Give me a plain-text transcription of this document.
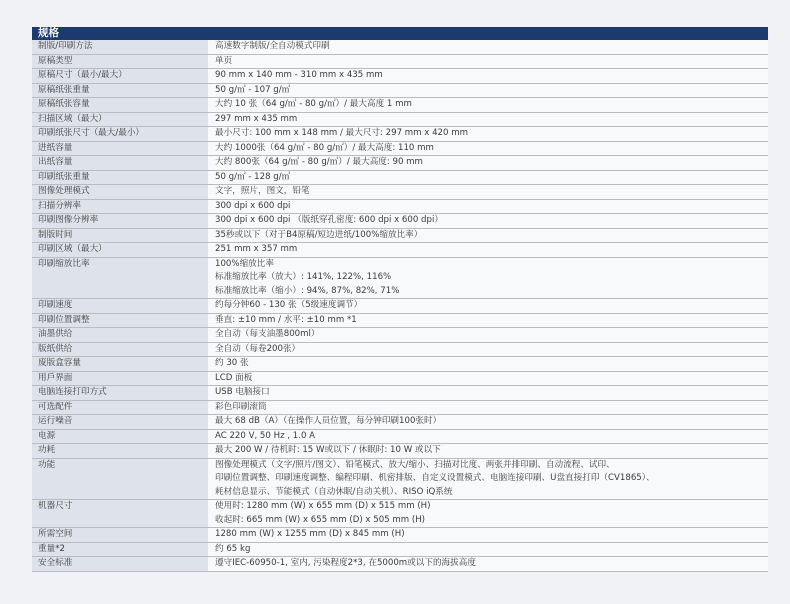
规格
制版/印刷方法	高速数字制版/全自动模式印刷

原稿类型	单页

原稿尺寸（最小/最大）	90 mm x 140 mm - 310 mm x 435 mm

原稿纸张重量	50 g/㎡ - 107 g/㎡

原稿纸张容量	大约 10 张（64 g/㎡ - 80 g/㎡）/ 最大高度 1 mm

扫描区域（最大）	297 mm x 435 mm

印刷纸张尺寸（最大/最小）	最小尺寸: 100 mm x 148 mm / 最大尺寸: 297 mm x 420 mm

进纸容量	大约 1000张（64 g/㎡ - 80 g/㎡）/ 最大高度: 110 mm

出纸容量	大约 800张（64 g/㎡ - 80 g/㎡）/ 最大高度: 90 mm

印刷纸张重量	50 g/㎡ - 128 g/㎡

图像处理模式	文字，照片，图文，铅笔

扫描分辨率	300 dpi x 600 dpi

印刷图像分辨率	300 dpi x 600 dpi （版纸穿孔密度: 600 dpi x 600 dpi）

制版时间	35秒或以下（对于B4原稿/短边进纸/100%缩放比率）

印刷区域（最大）	251 mm x 357 mm

印刷缩放比率	100%缩放比率
标准缩放比率（放大）: 141%, 122%, 116%
标准缩放比率（缩小）: 94%, 87%, 82%, 71%

印刷速度	约每分钟60 - 130 张（5级速度调节）

印刷位置调整	垂直: ±10 mm / 水平: ±10 mm *1

油墨供给	全自动（每支油墨800ml）

版纸供给	全自动（每卷200张）

废版盒容量	约 30 张

用戶界面	LCD 面板

电脑连接打印方式	USB 电脑接口

可选配件	彩色印刷滚筒

运行噪音	最大 68 dB（A）（在操作人员位置，每分钟印刷100张时）

电源	AC 220 V, 50 Hz , 1.0 A

功耗	最大 200 W / 待机时: 15 W或以下 / 休眠时: 10 W 或以下

功能	图像处理模式（文字/照片/图文）、铅笔模式、放大/缩小、扫描对比度、两张并排印刷、自动流程、试印、
印刷位置调整、印刷速度调整、编程印刷、机密排版、自定义设置模式、电脑连接印刷、U盘直接打印（CV1865）、
耗材信息显示、节能模式（自动休眠/自动关机）、RISO iQ系统

机器尺寸	使用时: 1280 mm (W) x 655 mm (D) x 515 mm (H)
收起时: 665 mm (W) x 655 mm (D) x 505 mm (H)

所需空间	1280 mm (W) x 1255 mm (D) x 845 mm (H)

重量*2	约 65 kg

安全标准	遵守IEC-60950-1, 室内, 污染程度2*3, 在5000m或以下的海拔高度
